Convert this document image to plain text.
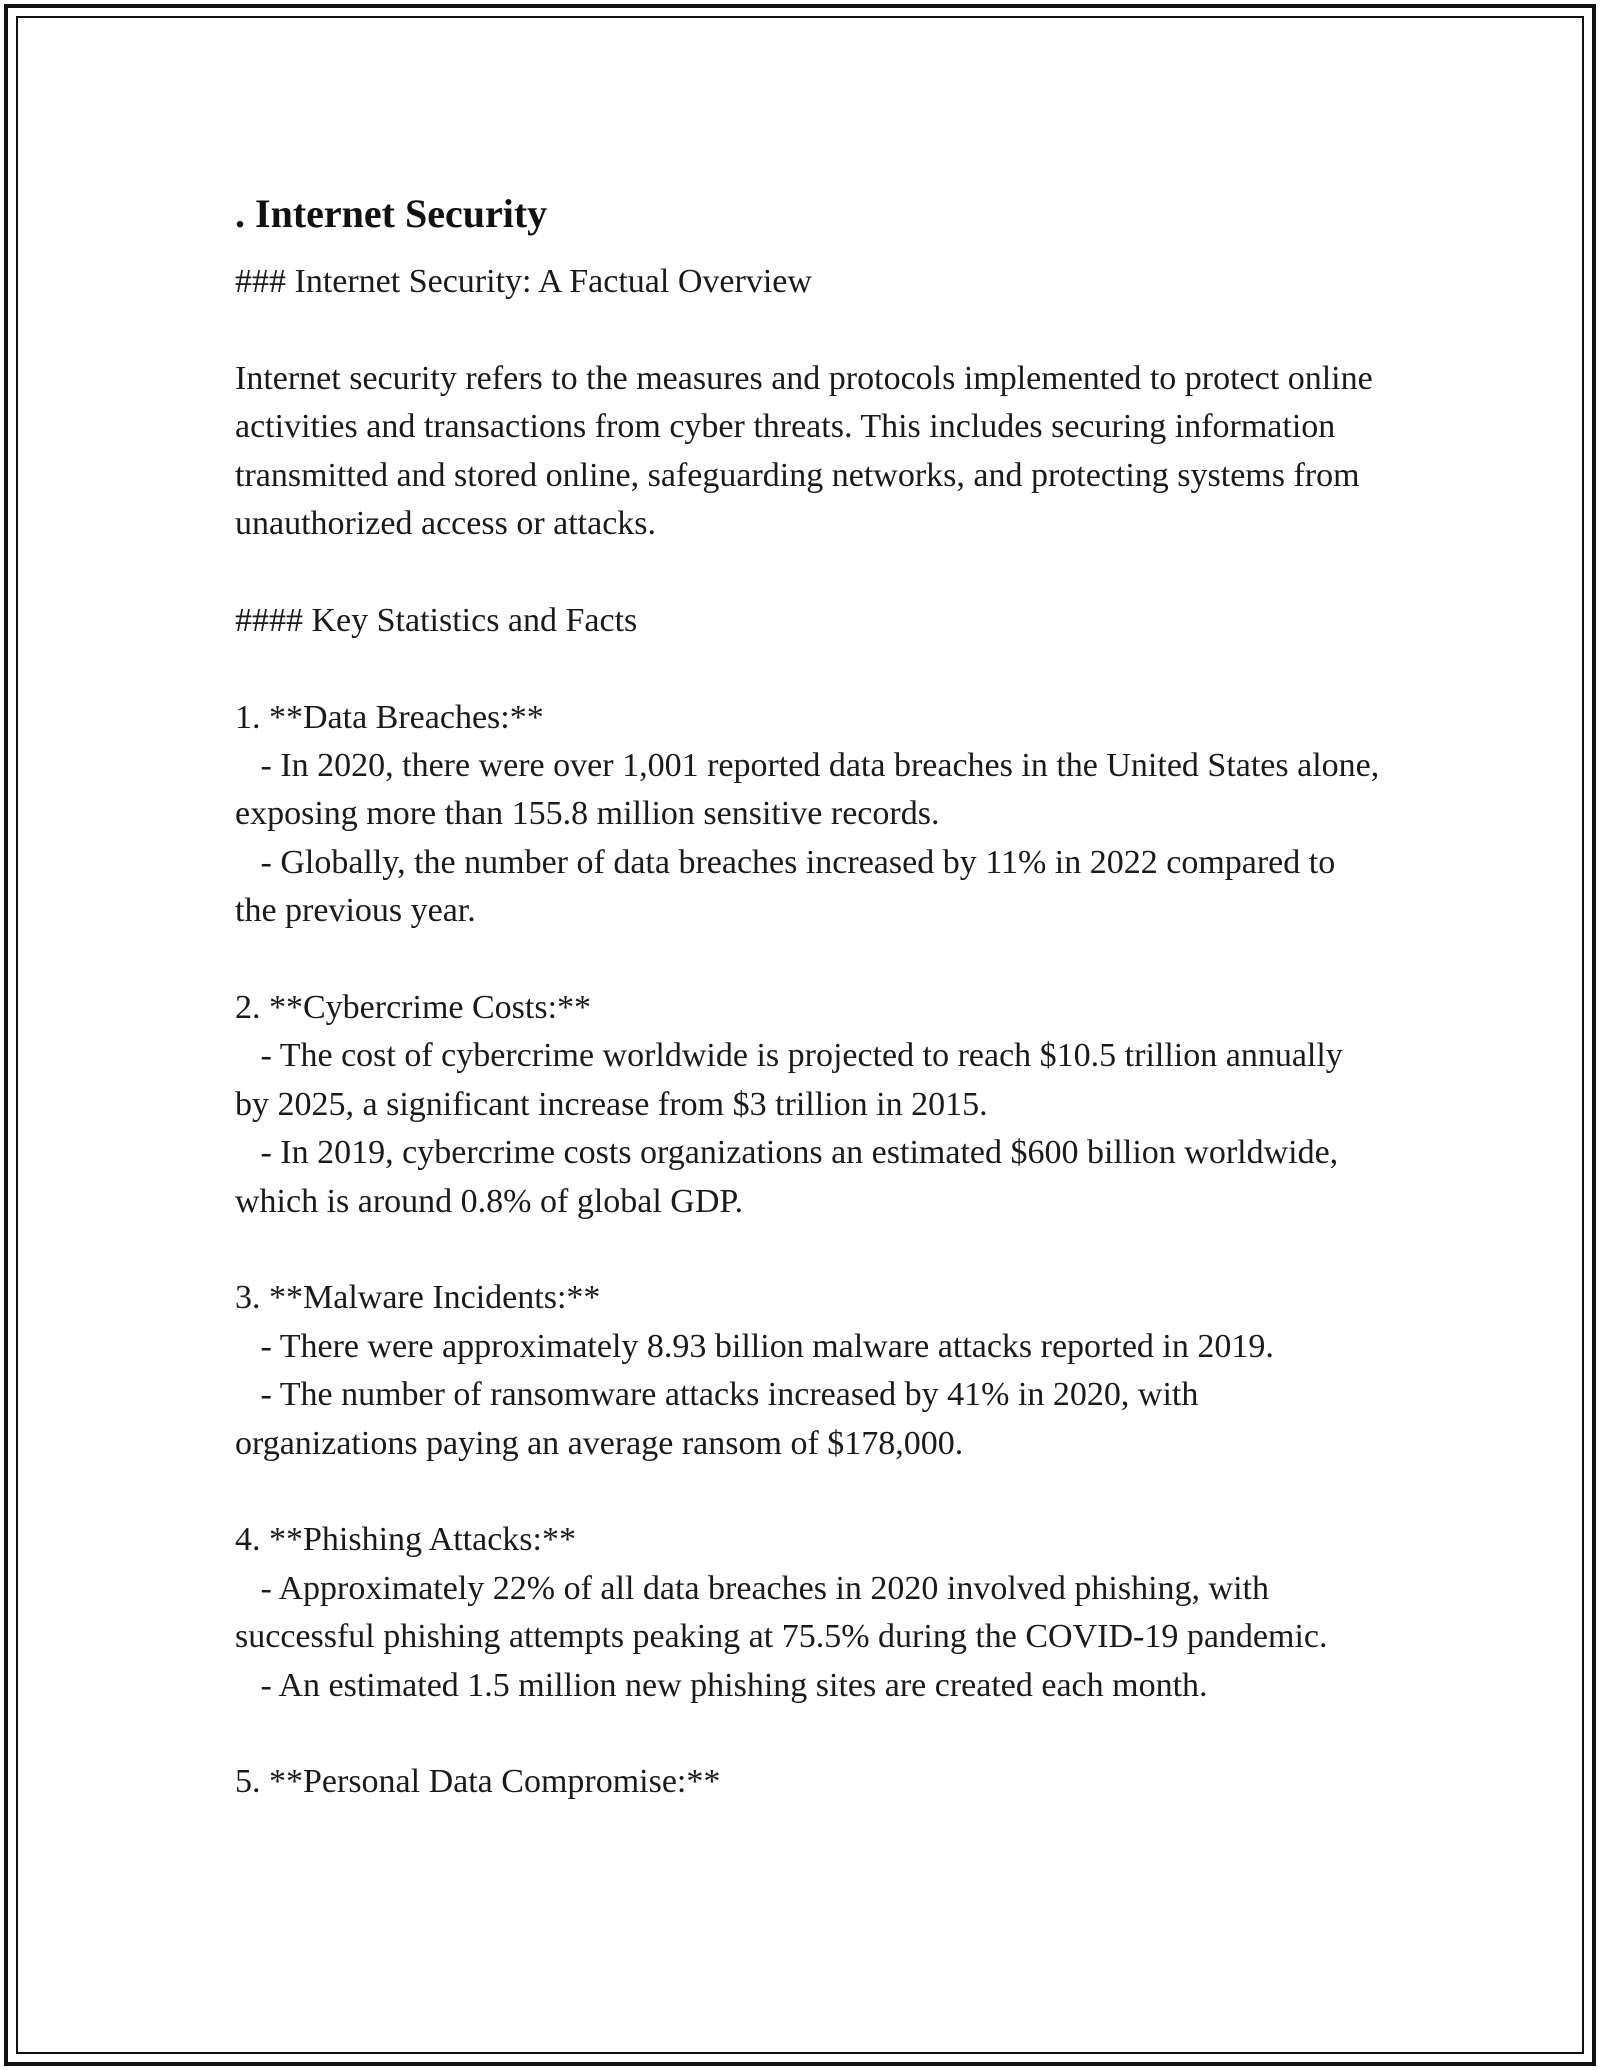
. Internet Security

### Internet Security: A Factual Overview

Internet security refers to the measures and protocols implemented to protect online activities and transactions from cyber threats. This includes securing information transmitted and stored online, safeguarding networks, and protecting systems from unauthorized access or attacks.

#### Key Statistics and Facts

1. **Data Breaches:**

- In 2020, there were over 1,001 reported data breaches in the United States alone, exposing more than 155.8 million sensitive records.

- Globally, the number of data breaches increased by 11% in 2022 compared to the previous year.

2. **Cybercrime Costs:**

- The cost of cybercrime worldwide is projected to reach $10.5 trillion annually by 2025, a significant increase from $3 trillion in 2015.

- In 2019, cybercrime costs organizations an estimated $600 billion worldwide, which is around 0.8% of global GDP.

3. **Malware Incidents:**

- There were approximately 8.93 billion malware attacks reported in 2019.

- The number of ransomware attacks increased by 41% in 2020, with organizations paying an average ransom of $178,000.

4. **Phishing Attacks:**

- Approximately 22% of all data breaches in 2020 involved phishing, with successful phishing attempts peaking at 75.5% during the COVID-19 pandemic.

- An estimated 1.5 million new phishing sites are created each month.

5. **Personal Data Compromise:**
